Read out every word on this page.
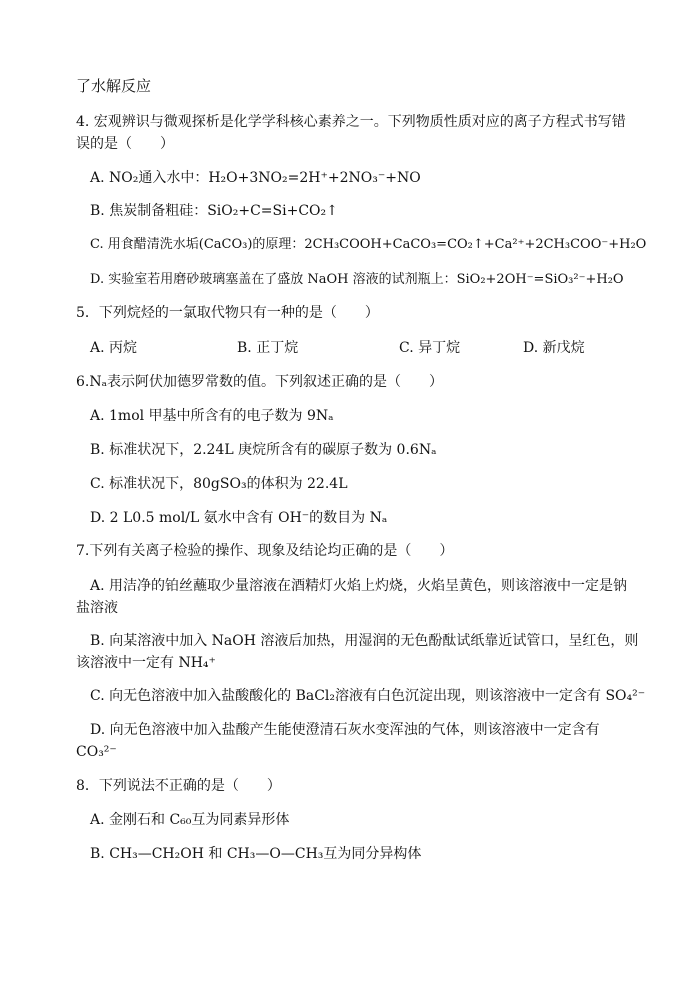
了水解反应
4. 宏观辨识与微观探析是化学学科核心素养之一。下列物质性质对应的离子方程式书写错
误的是（　　）
A. NO₂通入水中：H₂O+3NO₂=2H⁺+2NO₃⁻+NO
B. 焦炭制备粗硅：SiO₂+C=Si+CO₂↑
C. 用食醋清洗水垢(CaCO₃)的原理：2CH₃COOH+CaCO₃=CO₂↑+Ca²⁺+2CH₃COO⁻+H₂O
D. 实验室若用磨砂玻璃塞盖在了盛放 NaOH 溶液的试剂瓶上：SiO₂+2OH⁻=SiO₃²⁻+H₂O
5．下列烷烃的一氯取代物只有一种的是（　　）
A. 丙烷	B. 正丁烷	C. 异丁烷	D. 新戊烷
6.Nₐ表示阿伏加德罗常数的值。下列叙述正确的是（　　）
A. 1mol 甲基中所含有的电子数为 9Nₐ
B. 标准状况下，2.24L 庚烷所含有的碳原子数为 0.6Nₐ
C. 标准状况下，80gSO₃的体积为 22.4L
D. 2 L0.5 mol/L 氨水中含有 OH⁻的数目为 Nₐ
7.下列有关离子检验的操作、现象及结论均正确的是（　　）
A. 用洁净的铂丝蘸取少量溶液在酒精灯火焰上灼烧，火焰呈黄色，则该溶液中一定是钠
盐溶液
B. 向某溶液中加入 NaOH 溶液后加热，用湿润的无色酚酞试纸靠近试管口，呈红色，则
该溶液中一定有 NH₄⁺
C. 向无色溶液中加入盐酸酸化的 BaCl₂溶液有白色沉淀出现，则该溶液中一定含有 SO₄²⁻
D. 向无色溶液中加入盐酸产生能使澄清石灰水变浑浊的气体，则该溶液中一定含有
CO₃²⁻
8．下列说法不正确的是（　　）
A. 金刚石和 C₆₀互为同素异形体
B. CH₃—CH₂OH 和 CH₃—O—CH₃互为同分异构体
